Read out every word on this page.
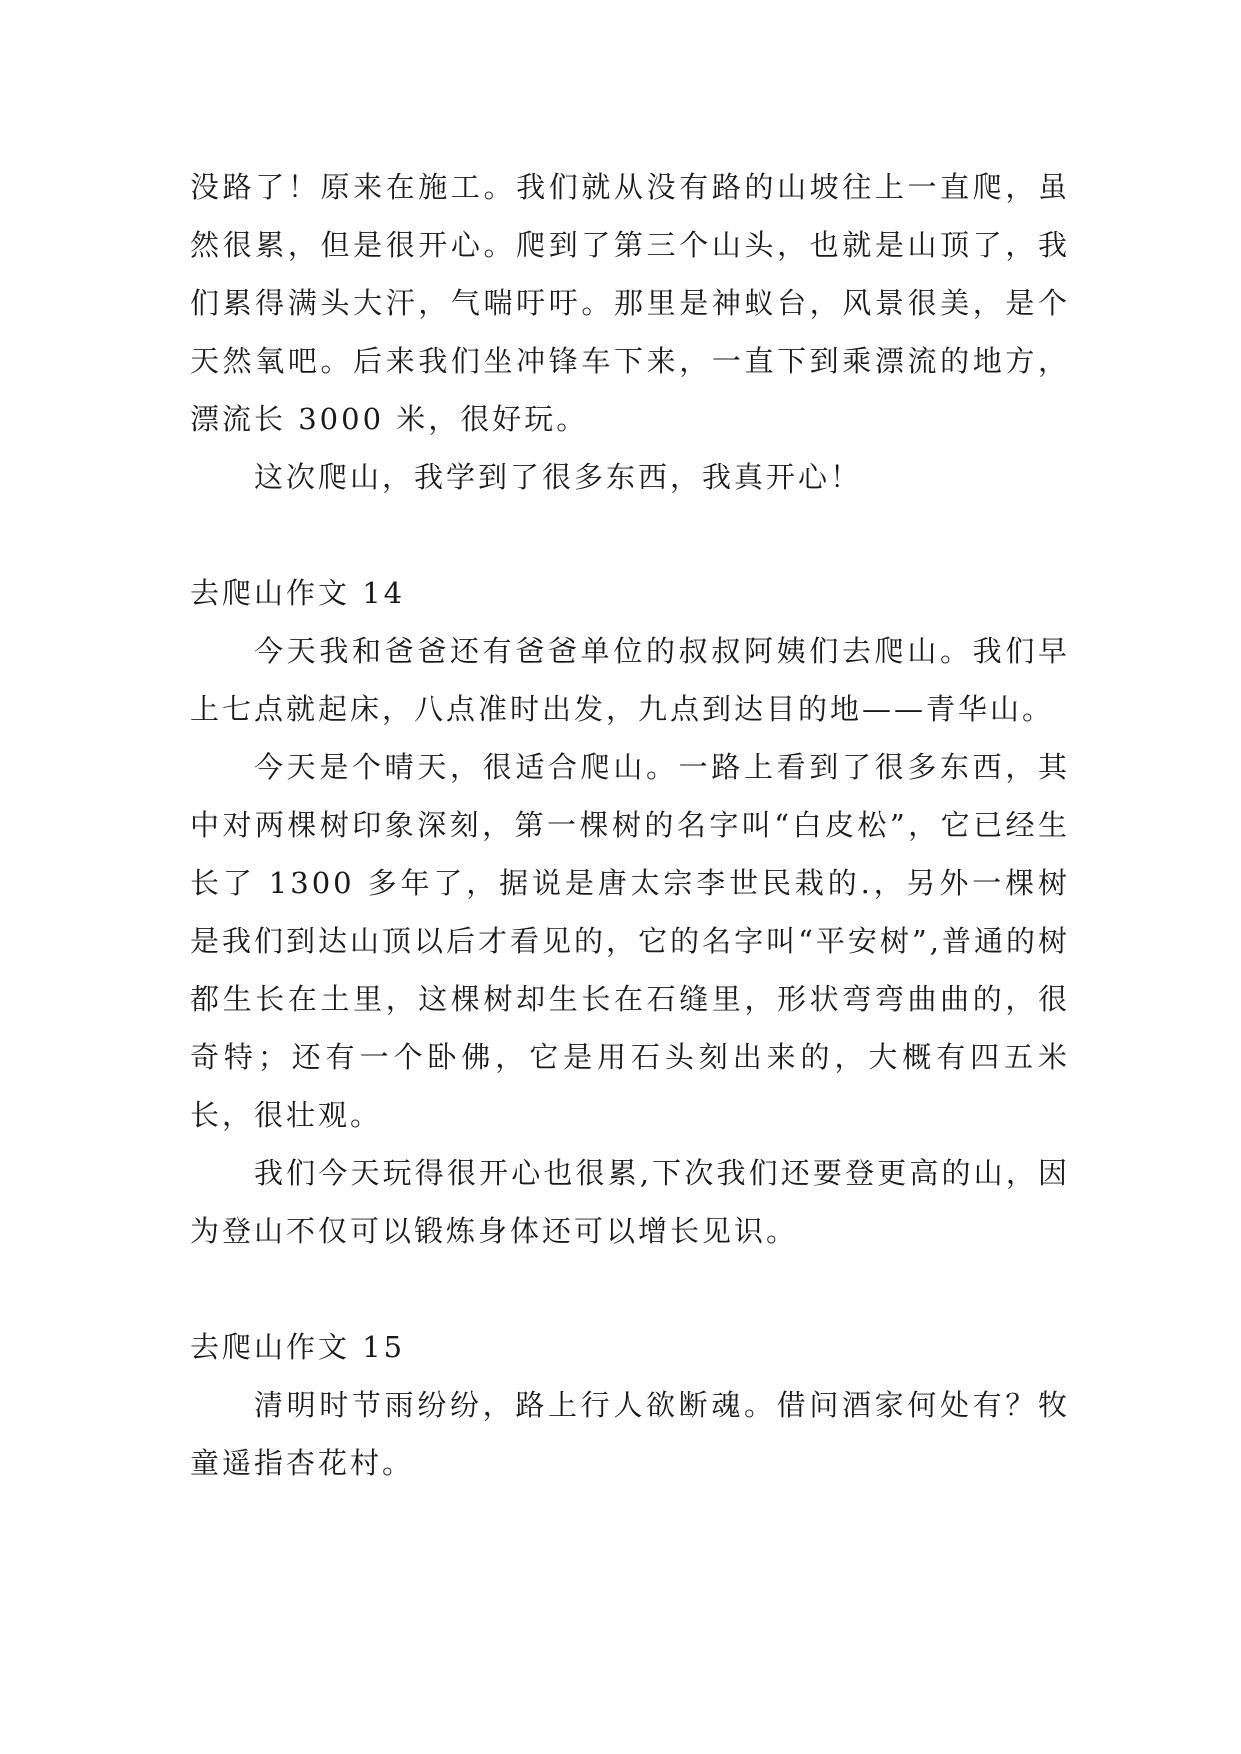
没路了！原来在施工。我们就从没有路的山坡往上一直爬，虽然很累，但是很开心。爬到了第三个山头，也就是山顶了，我们累得满头大汗，气喘吁吁。那里是神蚁台，风景很美，是个天然氧吧。后来我们坐冲锋车下来，一直下到乘漂流的地方，漂流长 3000 米，很好玩。

这次爬山，我学到了很多东西，我真开心！

去爬山作文 14

今天我和爸爸还有爸爸单位的叔叔阿姨们去爬山。我们早上七点就起床，八点准时出发，九点到达目的地——青华山。

今天是个晴天，很适合爬山。一路上看到了很多东西，其中对两棵树印象深刻，第一棵树的名字叫“白皮松”，它已经生长了 1300 多年了，据说是唐太宗李世民栽的.，另外一棵树是我们到达山顶以后才看见的，它的名字叫“平安树”,普通的树都生长在土里，这棵树却生长在石缝里，形状弯弯曲曲的，很奇特；还有一个卧佛，它是用石头刻出来的，大概有四五米长，很壮观。

我们今天玩得很开心也很累,下次我们还要登更高的山，因为登山不仅可以锻炼身体还可以增长见识。

去爬山作文 15

清明时节雨纷纷，路上行人欲断魂。借问酒家何处有？牧童遥指杏花村。
